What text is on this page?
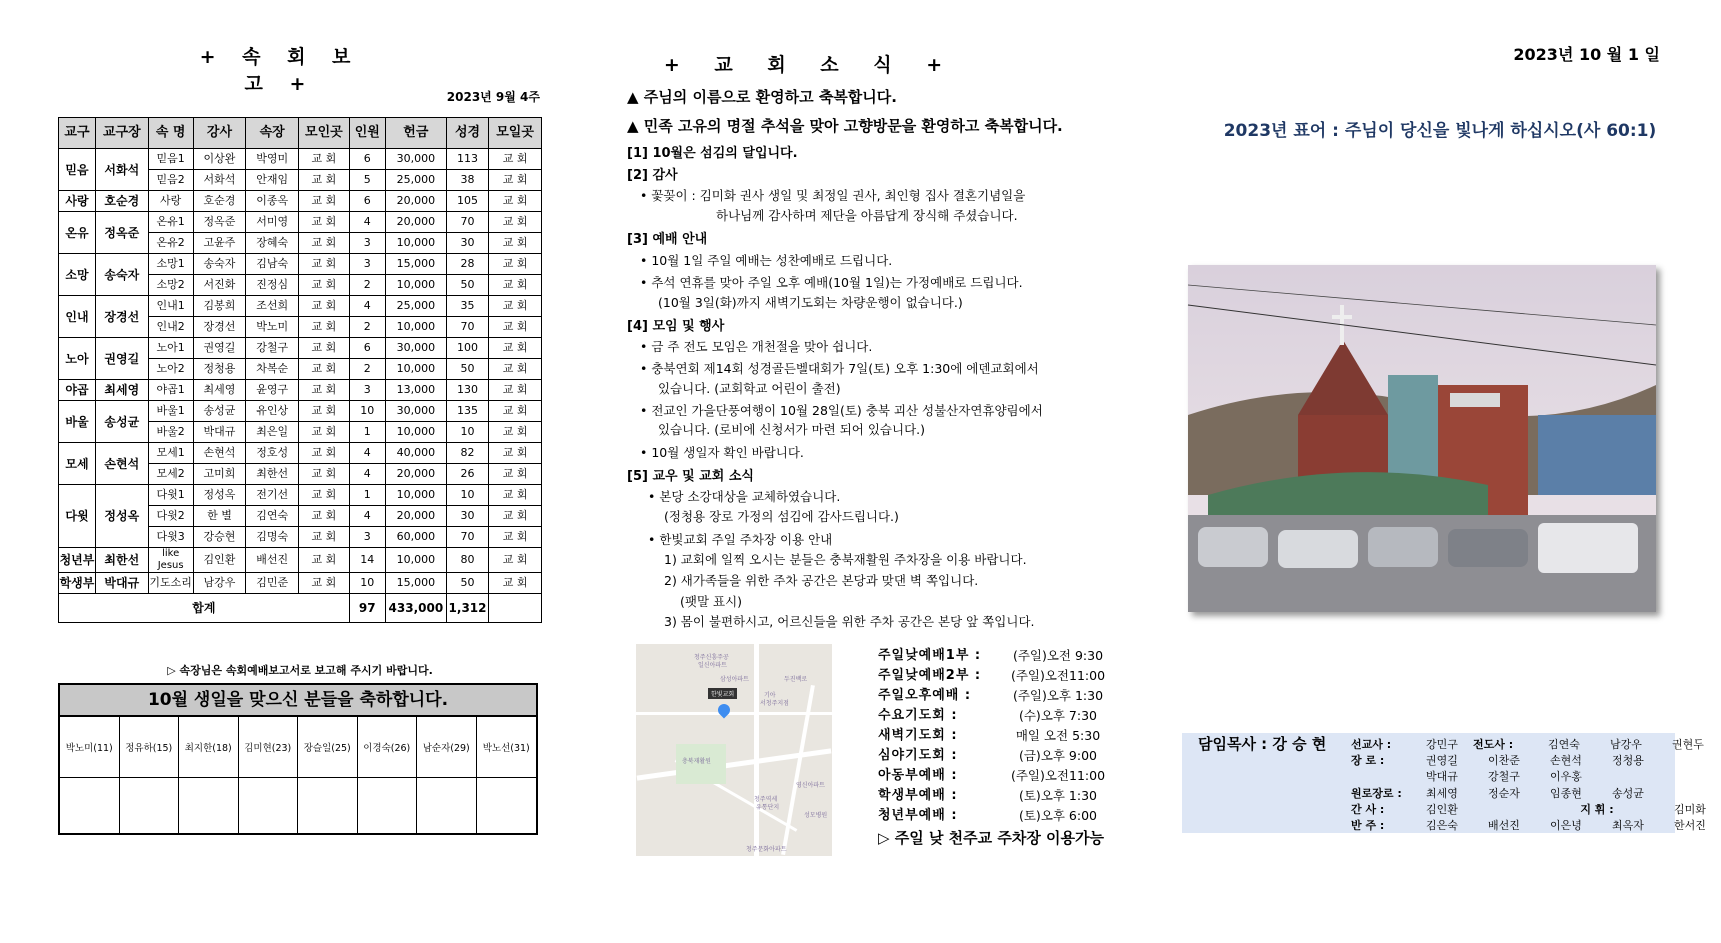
+ 속 회 보 고 +
2023년 9월 4주
교구	교구장	속 명	강사	속장	모인곳	인원	헌금	성경	모일곳
믿음	서화석	믿음1	이상완	박영미	교 회	6	30,000	113	교 회
		믿음2	서화석	안재임	교 회	5	25,000	38	교 회
사랑	호순경	사랑	호순경	이종옥	교 회	6	20,000	105	교 회
온유	정옥준	온유1	정옥준	서미영	교 회	4	20,000	70	교 회
		온유2	고윤주	장혜숙	교 회	3	10,000	30	교 회
소망	송숙자	소망1	송숙자	김남숙	교 회	3	15,000	28	교 회
		소망2	서진화	진정심	교 회	2	10,000	50	교 회
인내	장경선	인내1	김봉희	조선희	교 회	4	25,000	35	교 회
		인내2	장경선	박노미	교 회	2	10,000	70	교 회
노아	권영길	노아1	권영길	강철구	교 회	6	30,000	100	교 회
		노아2	정청용	차복순	교 회	2	10,000	50	교 회
야곱	최세영	야곱1	최세영	윤영구	교 회	3	13,000	130	교 회
바울	송성균	바울1	송성균	유인상	교 회	10	30,000	135	교 회
		바울2	박대규	최은일	교 회	1	10,000	10	교 회
모세	손현석	모세1	손현석	정호성	교 회	4	40,000	82	교 회
		모세2	고미희	최한선	교 회	4	20,000	26	교 회
다윗	정성옥	다윗1	정성옥	전기선	교 회	1	10,000	10	교 회
		다윗2	한 별	김연숙	교 회	4	20,000	30	교 회
		다윗3	강승현	김명숙	교 회	3	60,000	70	교 회
청년부	최한선	like Jesus	김인환	배선진	교 회	14	10,000	80	교 회
학생부	박대규	기도소리	남강우	김민준	교 회	10	15,000	50	교 회
합계						97	433,000	1,312	
▷ 속장님은 속회예배보고서로 보고해 주시기 바랍니다.
10월 생일을 맞으신 분들을 축하합니다.
박노미(11)	정유하(15)	최지한(18)	김미현(23)	장슬일(25)	이경숙(26)	남순자(29)	박노선(31)
+ 교 회 소 식 +
▲ 주님의 이름으로 환영하고 축복합니다.
▲ 민족 고유의 명절 추석을 맞아 고향방문을 환영하고 축복합니다.
[1] 10월은 섬김의 달입니다.
[2] 감사
• 꽃꽂이 : 김미화 권사 생일 및 최정일 권사, 최인형 집사 결혼기념일을
하나님께 감사하며 제단을 아름답게 장식해 주셨습니다.
[3] 예배 안내
• 10월 1일 주일 예배는 성찬예배로 드립니다.
• 추석 연휴를 맞아 주일 오후 예배(10월 1일)는 가정예배로 드립니다.
(10월 3일(화)까지 새벽기도회는 차량운행이 없습니다.)
[4] 모임 및 행사
• 금 주 전도 모임은 개천절을 맞아 쉽니다.
• 충북연회 제14회 성경골든벨대회가 7일(토) 오후 1:30에 에덴교회에서
있습니다. (교회학교 어린이 출전)
• 전교인 가을단풍여행이 10월 28일(토) 충북 괴산 성불산자연휴양림에서
있습니다. (로비에 신청서가 마련 되어 있습니다.)
• 10월 생일자 확인 바랍니다.
[5] 교우 및 교회 소식
• 본당 소강대상을 교체하였습니다.
(정청용 장로 가정의 섬김에 감사드립니다.)
• 한빛교회 주일 주차장 이용 안내
1) 교회에 일찍 오시는 분들은 충북재활원 주차장을 이용 바랍니다.
2) 새가족들을 위한 주차 공간은 본당과 맞댄 벽 쪽입니다.
(팻말 표시)
3) 몸이 불편하시고, 어르신들을 위한 주차 공간은 본당 앞 쪽입니다.
청주신흥주공
일신아파트
삼성아파트	두진백로
기아
서청주지점
충북재활원
청주역세
유통단지
영신아파트
성모병원
청주문화아파트
한빛교회
주일낮예배1부 :	(주일)오전 9:30
주일낮예배2부 :	(주일)오전11:00
주일오후예배 :	(주일)오후 1:30
수요기도회 :	(수)오후 7:30
새벽기도회 :	매일 오전 5:30
심야기도회 :	(금)오후 9:00
아동부예배 :	(주일)오전11:00
학생부예배 :	(토)오후 1:30
청년부예배 :	(토)오후 6:00
▷ 주일 낮 천주교 주차장 이용가능
2023년 10 월 1 일
2023년 표어 : 주님이 당신을 빛나게 하십시오(사 60:1)
담임목사 : 강 승 현 선교사 :	강민구	전도사 :	김연숙	남강우	권현두
장 로 :	권영길	이찬준	손현석	정청용
박대규	강철구	이우홍
원로장로 :	최세영	정순자	임종현	송성균
간 사 :	김인환	지 휘 :	김미화
반 주 :	김은숙	배선진	이은녕	최옥자	한서진
